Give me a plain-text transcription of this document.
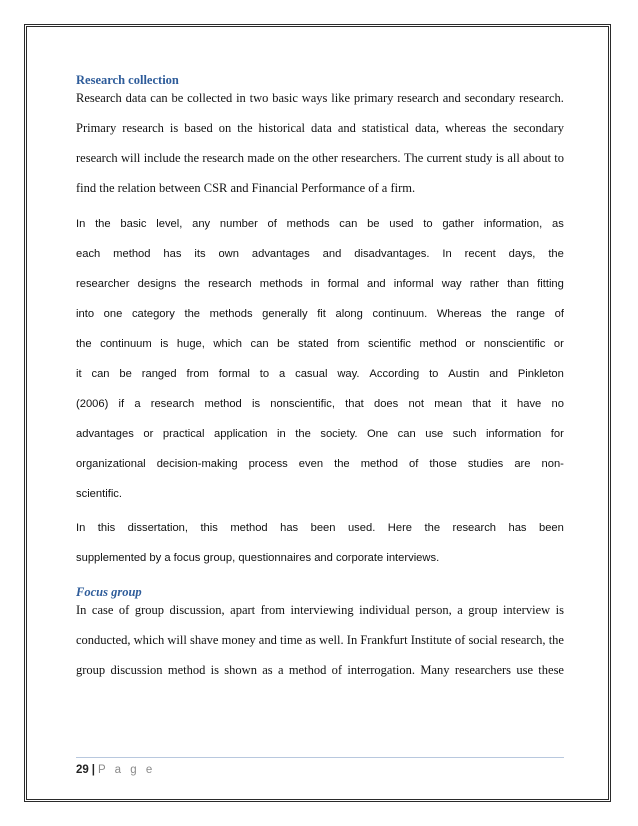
Research collection
Research data can be collected in two basic ways like primary research and secondary research.
Primary research is based on the historical data and statistical data, whereas the secondary
research will include the research made on the other researchers. The current study is all about to
find the relation between CSR and Financial Performance of a firm.
In the basic level, any number of methods can be used to gather information, as
each method has its own advantages and disadvantages. In recent days, the
researcher designs the research methods in formal and informal way rather than fitting
into one category the methods generally fit along continuum. Whereas the range of
the continuum is huge, which can be stated from scientific method or nonscientific or
it can be ranged from formal to a casual way. According to Austin and Pinkleton
(2006) if a research method is nonscientific, that does not mean that it have no
advantages or practical application in the society. One can use such information for
organizational decision-making process even the method of those studies are non-
scientific.
In this dissertation, this method has been used. Here the research has been
supplemented by a focus group, questionnaires and corporate interviews.
Focus group
In case of group discussion, apart from interviewing individual person, a group interview is
conducted, which will shave money and time as well. In Frankfurt Institute of social research, the
group discussion method is shown as a method of interrogation. Many researchers use these
29 | P a g e
